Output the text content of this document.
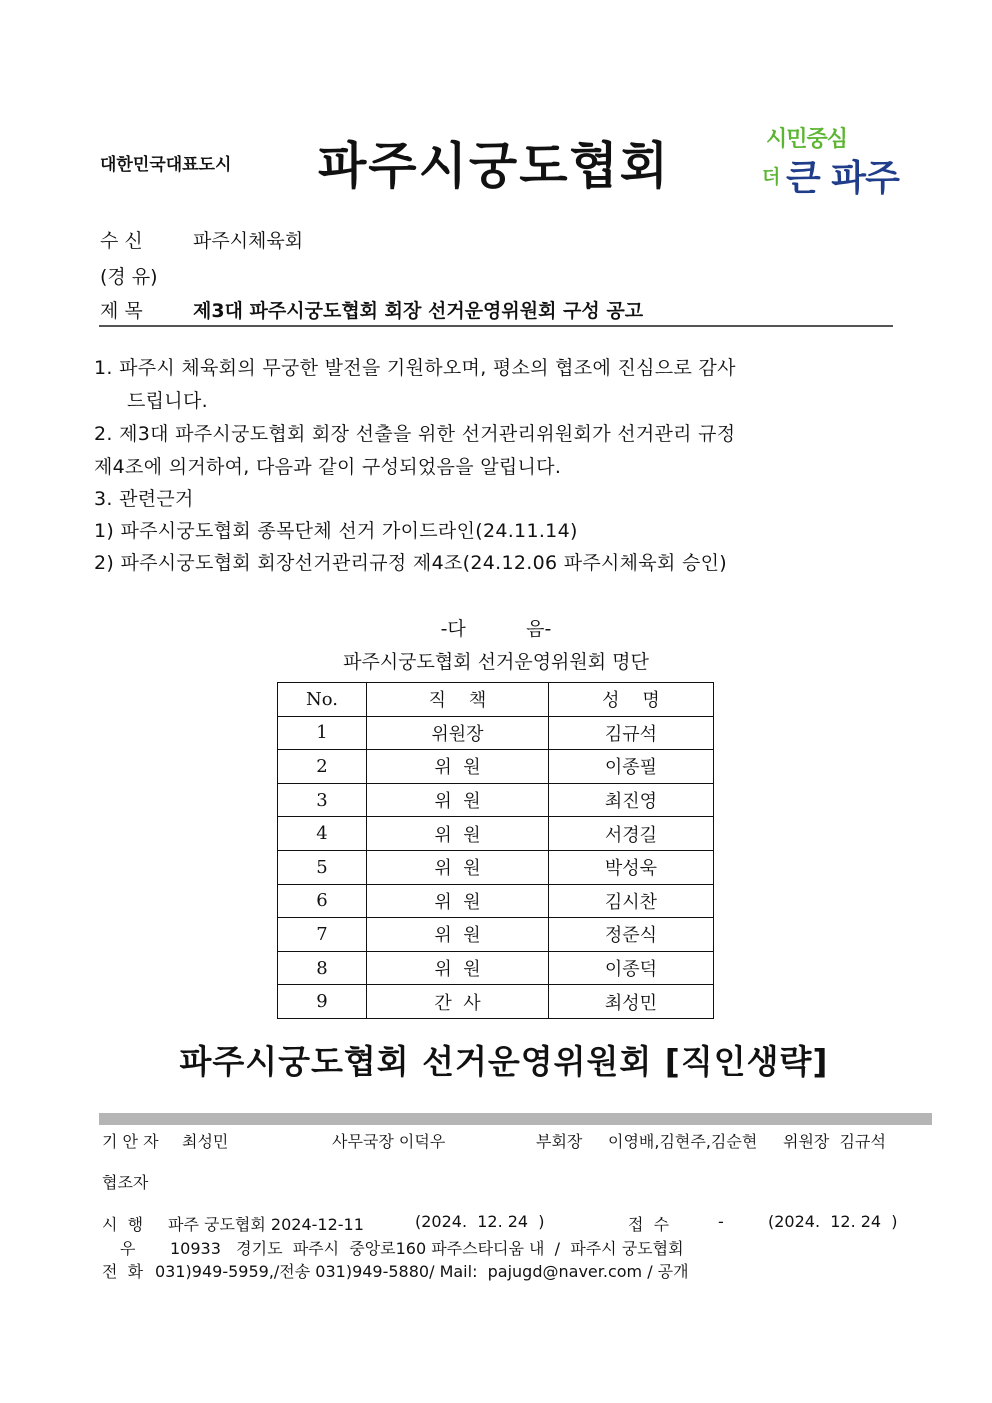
대한민국대표도시 파주시궁도협회	시민중심
더 큰 파주
수 신	파주시체육회
(경 유)
제 목	제3대 파주시궁도협회 회장 선거운영위원회 구성 공고
1. 파주시 체육회의 무궁한 발전을 기원하오며, 평소의 협조에 진심으로 감사
드립니다.
2. 제3대 파주시궁도협회 회장 선출을 위한 선거관리위원회가 선거관리 규정
제4조에 의거하여, 다음과 같이 구성되었음을 알립니다.
3. 관련근거
1) 파주시궁도협회 종목단체 선거 가이드라인(24.11.14)
2) 파주시궁도협회 회장선거관리규정 제4조(24.12.06 파주시체육회 승인)
-다          음-
파주시궁도협회 선거운영위원회 명단
No.	직    책	성    명
1	위원장	김규석
2	위  원	이종필
3	위  원	최진영
4	위  원	서경길
5	위  원	박성욱
6	위  원	김시찬
7	위  원	정준식
8	위  원	이종덕
9	간  사	최성민
파주시궁도협회 선거운영위원회 [직인생략]
기 안 자 최성민	사무국장 이덕우	부회장 이영배,김현주,김순현 위원장  김규석
협조자
시  행 파주 궁도협회 2024-12-11	(2024.  12. 24  )	접  수	-	(2024.  12. 24  )
우 10933   경기도  파주시  중앙로160 파주스타디움 내  /  파주시 궁도협회
전  화 031)949-5959,/전송 031)949-5880/ Mail:  pajugd@naver.com / 공개
